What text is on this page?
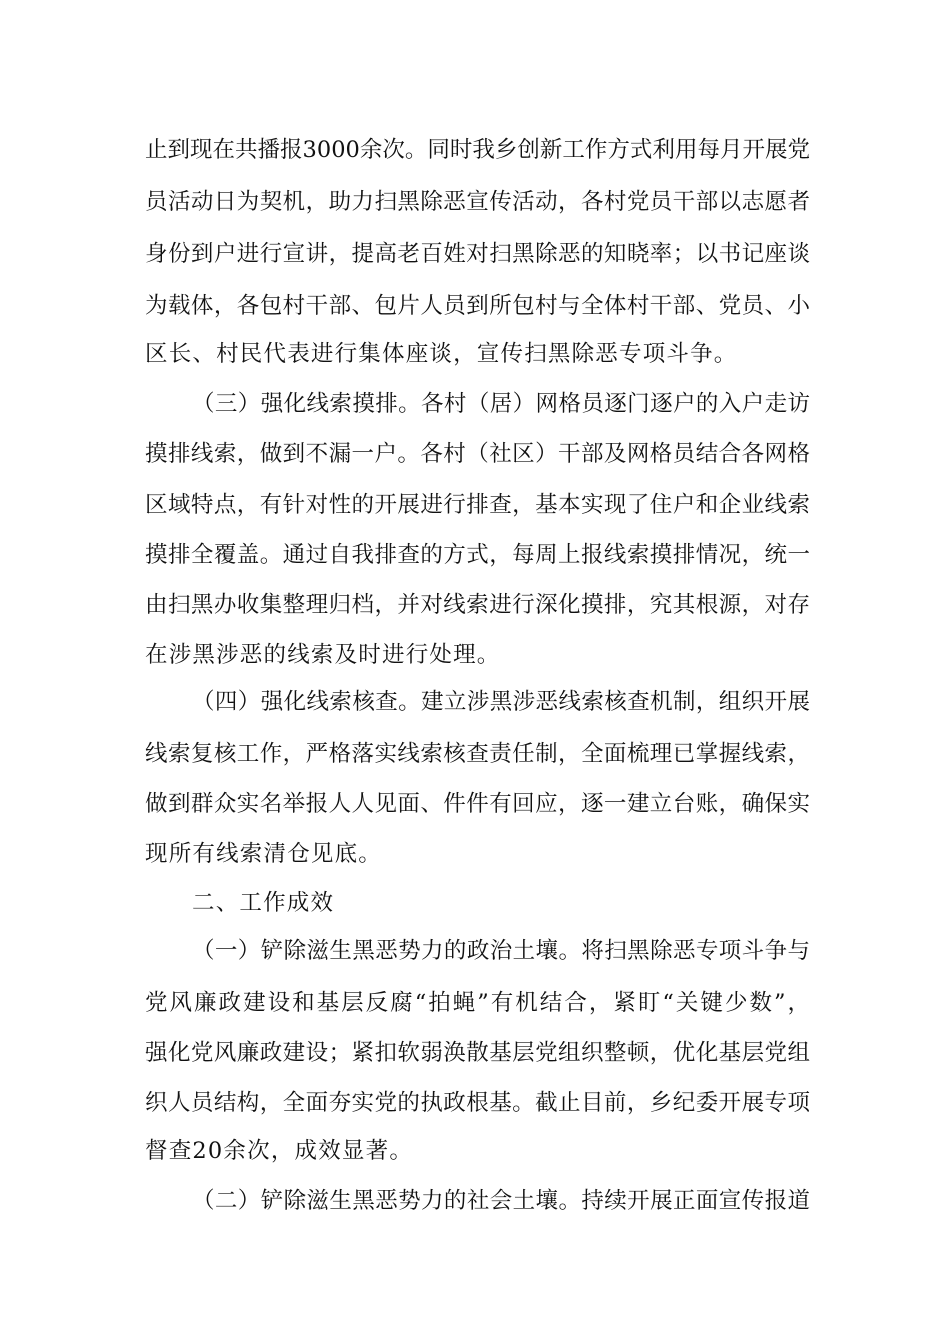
止到现在共播报3000余次。同时我乡创新工作方式利用每月开展党
员活动日为契机，助力扫黑除恶宣传活动，各村党员干部以志愿者
身份到户进行宣讲，提高老百姓对扫黑除恶的知晓率；以书记座谈
为载体，各包村干部、包片人员到所包村与全体村干部、党员、小
区长、村民代表进行集体座谈，宣传扫黑除恶专项斗争。
（三）强化线索摸排。各村（居）网格员逐门逐户的入户走访
摸排线索，做到不漏一户。各村（社区）干部及网格员结合各网格
区域特点，有针对性的开展进行排查，基本实现了住户和企业线索
摸排全覆盖。通过自我排查的方式，每周上报线索摸排情况，统一
由扫黑办收集整理归档，并对线索进行深化摸排，究其根源，对存
在涉黑涉恶的线索及时进行处理。
（四）强化线索核查。建立涉黑涉恶线索核查机制，组织开展
线索复核工作，严格落实线索核查责任制，全面梳理已掌握线索，
做到群众实名举报人人见面、件件有回应，逐一建立台账，确保实
现所有线索清仓见底。
二、工作成效
（一）铲除滋生黑恶势力的政治土壤。将扫黑除恶专项斗争与
党风廉政建设和基层反腐“拍蝇”有机结合，紧盯“关键少数”，
强化党风廉政建设；紧扣软弱涣散基层党组织整顿，优化基层党组
织人员结构，全面夯实党的执政根基。截止目前，乡纪委开展专项
督查20余次，成效显著。
（二）铲除滋生黑恶势力的社会土壤。持续开展正面宣传报道
